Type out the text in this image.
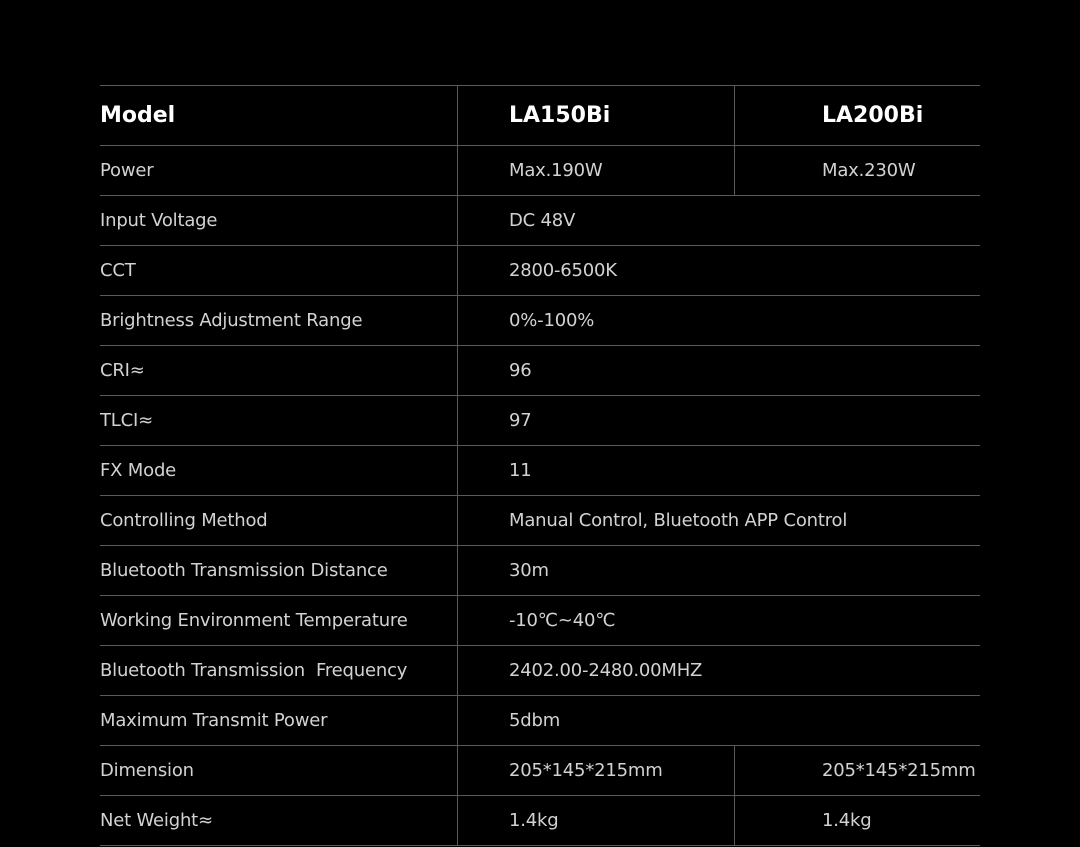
Model	LA150Bi	LA200Bi
Power	Max.190W	Max.230W
Input Voltage	DC 48V
CCT	2800-6500K
Brightness Adjustment Range	0%-100%
CRI≈	96
TLCI≈	97
FX Mode	11
Controlling Method	Manual Control, Bluetooth APP Control
Bluetooth Transmission Distance	30m
Working Environment Temperature	-10℃~40℃
Bluetooth Transmission  Frequency	2402.00-2480.00MHZ
Maximum Transmit Power	5dbm
Dimension	205*145*215mm	205*145*215mm
Net Weight≈	1.4kg	1.4kg
